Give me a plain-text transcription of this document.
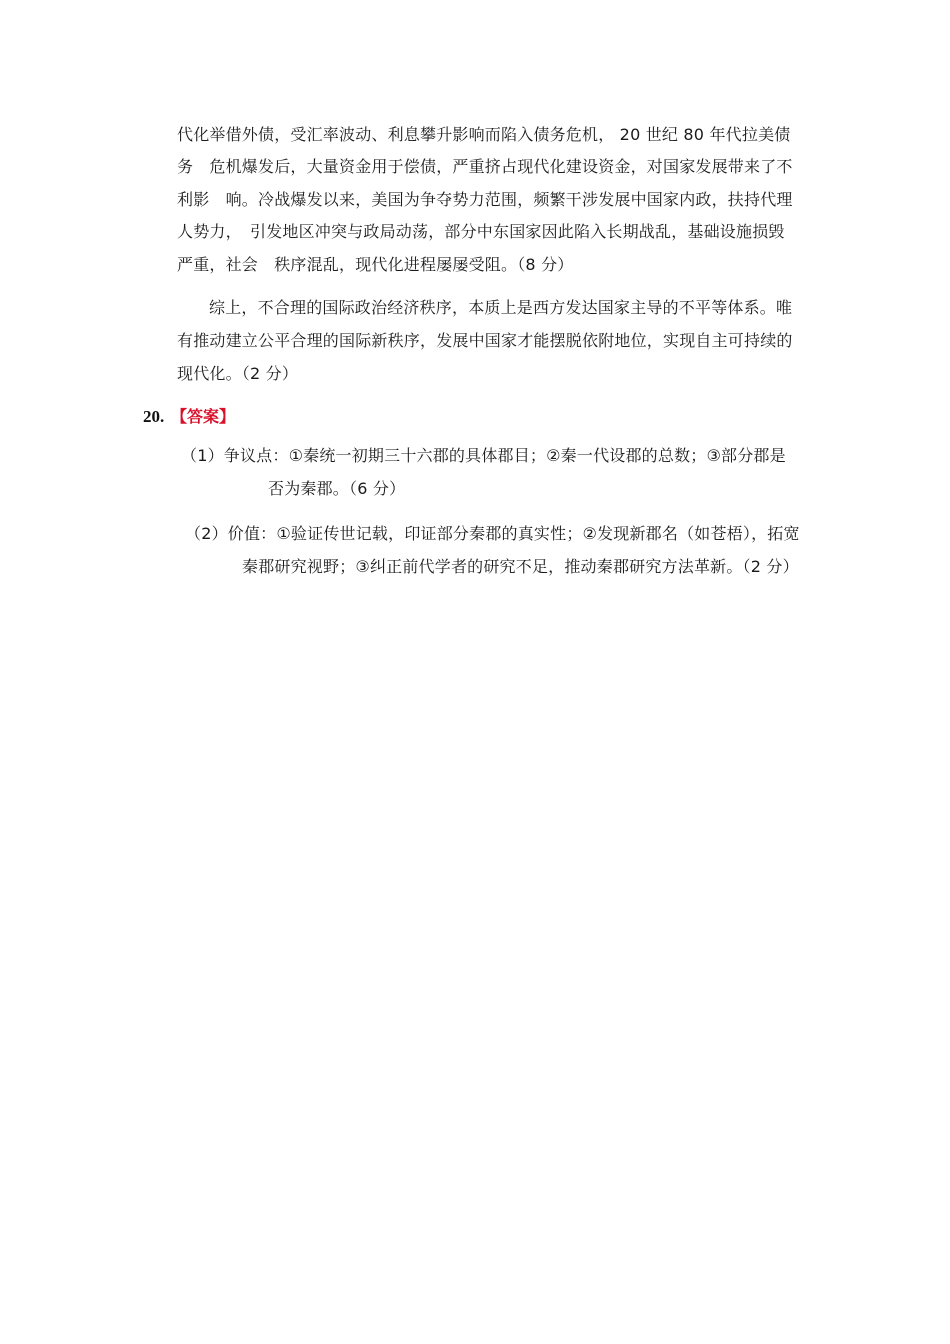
代化举借外债，受汇率波动、利息攀升影响而陷入债务危机， 20 世纪 80 年代拉美债
务　危机爆发后，大量资金用于偿债，严重挤占现代化建设资金，对国家发展带来了不
利影　响。冷战爆发以来，美国为争夺势力范围，频繁干涉发展中国家内政，扶持代理
人势力，　引发地区冲突与政局动荡，部分中东国家因此陷入长期战乱，基础设施损毁
严重，社会　秩序混乱，现代化进程屡屡受阻。（8 分）
综上，不合理的国际政治经济秩序，本质上是西方发达国家主导的不平等体系。唯
有推动建立公平合理的国际新秩序，发展中国家才能摆脱依附地位，实现自主可持续的
现代化。（2 分）
20. 【答案】
（1）争议点：①秦统一初期三十六郡的具体郡目；②秦一代设郡的总数；③部分郡是
否为秦郡。（6 分）
（2）价值：①验证传世记载，印证部分秦郡的真实性；②发现新郡名（如苍梧），拓宽
秦郡研究视野；③纠正前代学者的研究不足，推动秦郡研究方法革新。（2 分）
